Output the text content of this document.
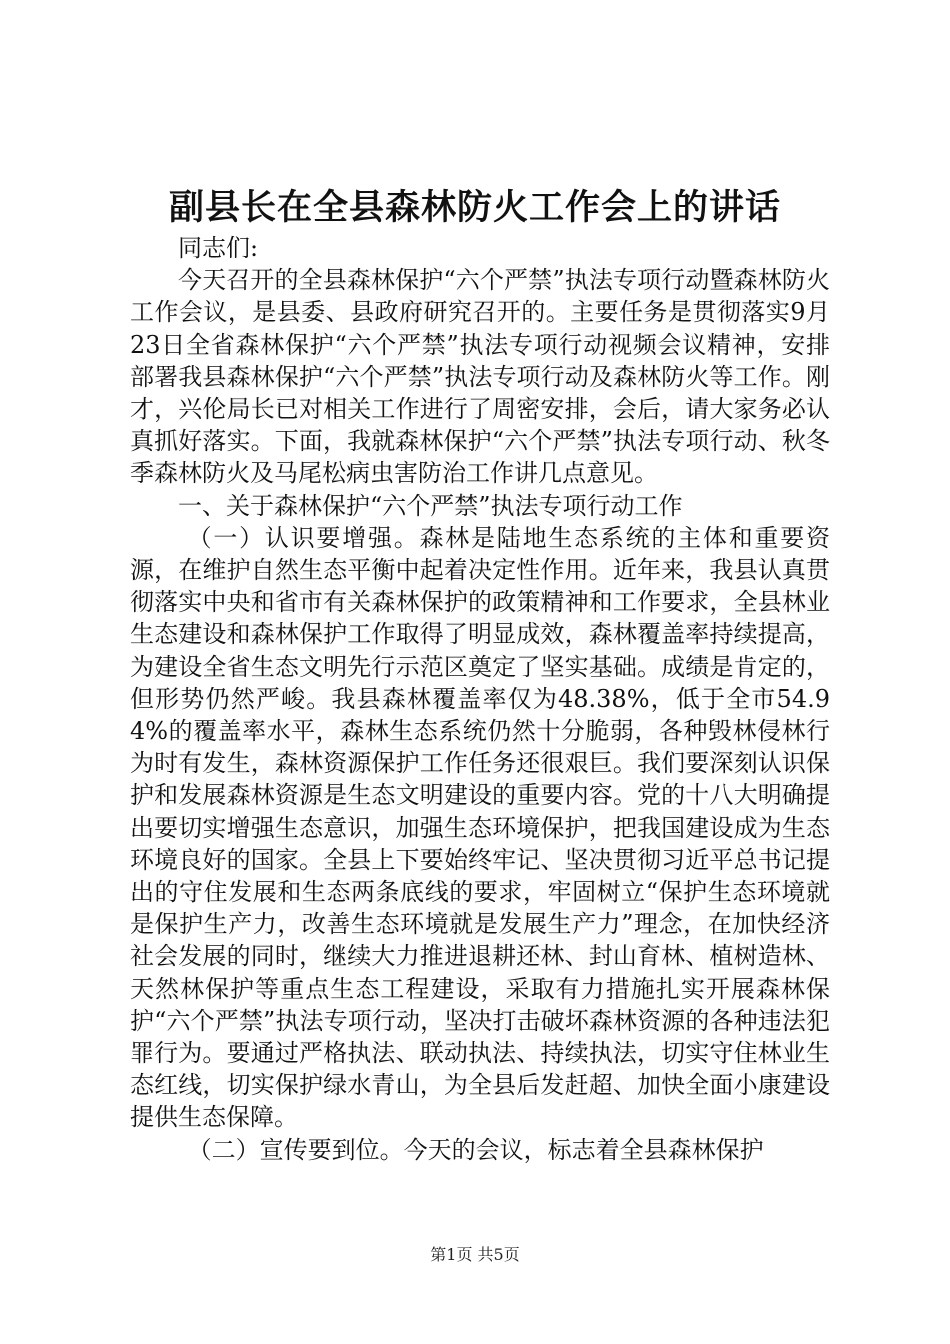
副县长在全县森林防火工作会上的讲话

同志们:

今天召开的全县森林保护“六个严禁”执法专项行动暨森林防火工作会议，是县委、县政府研究召开的。主要任务是贯彻落实9月23日全省森林保护“六个严禁”执法专项行动视频会议精神，安排部署我县森林保护“六个严禁”执法专项行动及森林防火等工作。刚才，兴伦局长已对相关工作进行了周密安排，会后，请大家务必认真抓好落实。下面，我就森林保护“六个严禁”执法专项行动、秋冬季森林防火及马尾松病虫害防治工作讲几点意见。

一、关于森林保护“六个严禁”执法专项行动工作

（一）认识要增强。森林是陆地生态系统的主体和重要资源，在维护自然生态平衡中起着决定性作用。近年来，我县认真贯彻落实中央和省市有关森林保护的政策精神和工作要求，全县林业生态建设和森林保护工作取得了明显成效，森林覆盖率持续提高，为建设全省生态文明先行示范区奠定了坚实基础。成绩是肯定的，但形势仍然严峻。我县森林覆盖率仅为48.38%，低于全市54.94%的覆盖率水平，森林生态系统仍然十分脆弱，各种毁林侵林行为时有发生，森林资源保护工作任务还很艰巨。我们要深刻认识保护和发展森林资源是生态文明建设的重要内容。党的十八大明确提出要切实增强生态意识，加强生态环境保护，把我国建设成为生态环境良好的国家。全县上下要始终牢记、坚决贯彻习近平总书记提出的守住发展和生态两条底线的要求，牢固树立“保护生态环境就是保护生产力，改善生态环境就是发展生产力”理念，在加快经济社会发展的同时，继续大力推进退耕还林、封山育林、植树造林、天然林保护等重点生态工程建设，采取有力措施扎实开展森林保护“六个严禁”执法专项行动，坚决打击破坏森林资源的各种违法犯罪行为。要通过严格执法、联动执法、持续执法，切实守住林业生态红线，切实保护绿水青山，为全县后发赶超、加快全面小康建设提供生态保障。

（二）宣传要到位。今天的会议，标志着全县森林保护

第1页 共5页
